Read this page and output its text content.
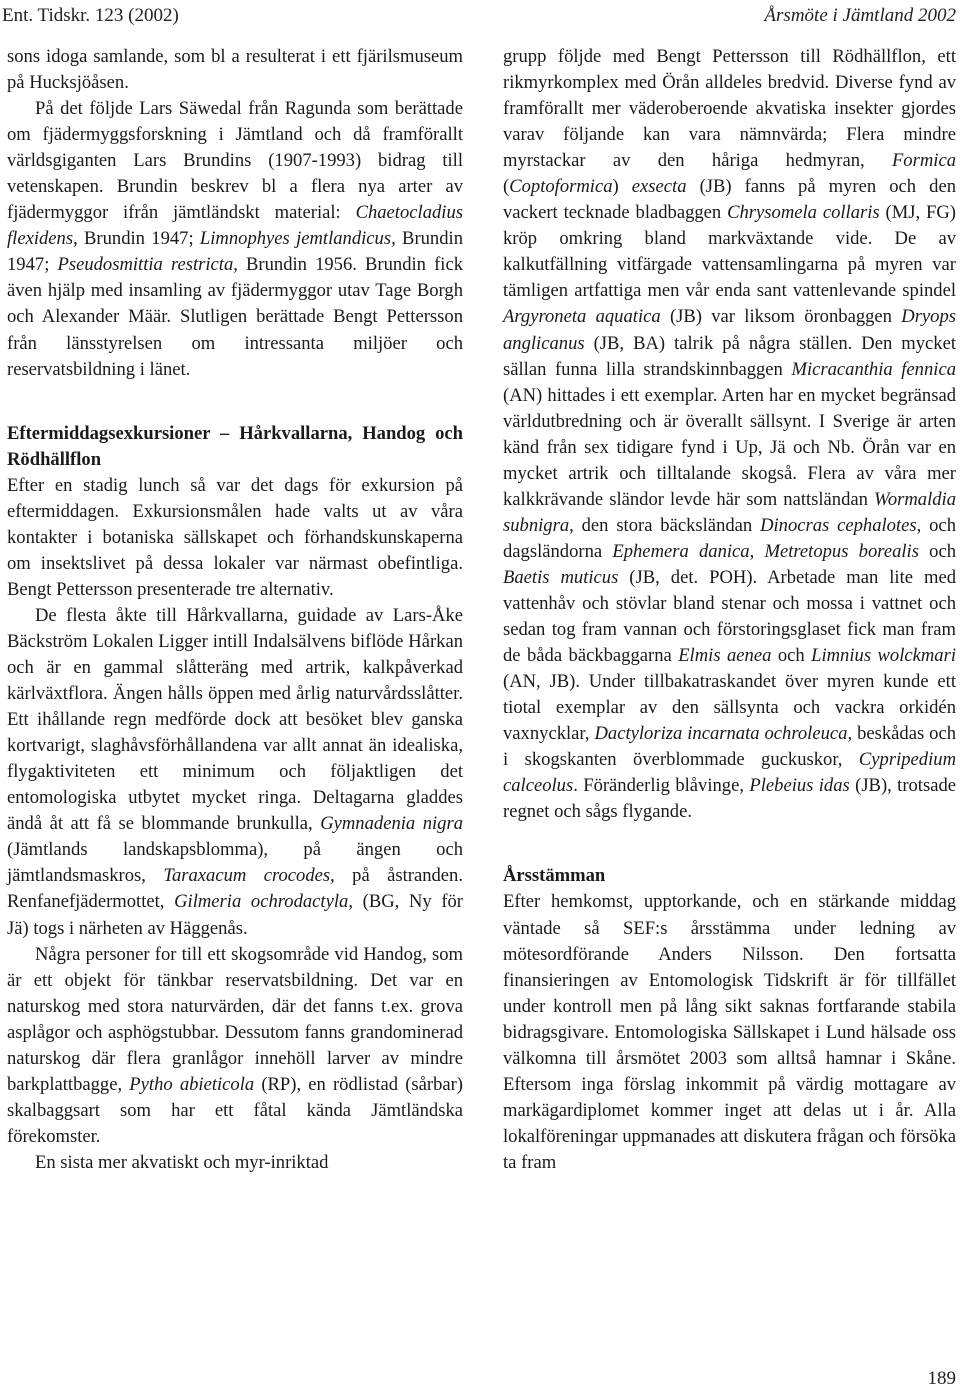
Ent. Tidskr. 123 (2002)	Årsmöte i Jämtland 2002

sons idoga samlande, som bl a resulterat i ett fjärilsmuseum på Hucksjöåsen.

På det följde Lars Säwedal från Ragunda som berättade om fjädermyggsforskning i Jämtland och då framförallt världsgiganten Lars Brundins (1907-1993) bidrag till vetenskapen. Brundin beskrev bl a flera nya arter av fjädermyggor ifrån jämtländskt material: Chaetocladius flexidens, Brundin 1947; Limnophyes jemtlandicus, Brundin 1947; Pseudosmittia restricta, Brundin 1956. Brundin fick även hjälp med insamling av fjädermyggor utav Tage Borgh och Alexander Määr. Slutligen berättade Bengt Pettersson från länsstyrelsen om intressanta miljöer och reservatsbildning i länet.

Eftermiddagsexkursioner – Hårkvallarna, Handog och Rödhällflon

Efter en stadig lunch så var det dags för exkursion på eftermiddagen. Exkursionsmålen hade valts ut av våra kontakter i botaniska sällskapet och förhandskunskaperna om insektslivet på dessa lokaler var närmast obefintliga. Bengt Pettersson presenterade tre alternativ.

De flesta åkte till Hårkvallarna, guidade av Lars-Åke Bäckström Lokalen Ligger intill Indalsälvens biflöde Hårkan och är en gammal slåtteräng med artrik, kalkpåverkad kärlväxtflora. Ängen hålls öppen med årlig naturvårdsslåtter. Ett ihållande regn medförde dock att besöket blev ganska kortvarigt, slaghåvsförhållandena var allt annat än idealiska, flygaktiviteten ett minimum och följaktligen det entomologiska utbytet mycket ringa. Deltagarna gladdes ändå åt att få se blommande brunkulla, Gymnadenia nigra (Jämtlands landskapsblomma), på ängen och jämtlandsmaskros, Taraxacum crocodes, på åstranden. Renfanefjädermottet, Gilmeria ochrodactyla, (BG, Ny för Jä) togs i närheten av Häggenås.

Några personer for till ett skogsområde vid Handog, som är ett objekt för tänkbar reservatsbildning. Det var en naturskog med stora naturvärden, där det fanns t.ex. grova asplågor och asphögstubbar. Dessutom fanns grandominerad naturskog där flera granlågor innehöll larver av mindre barkplattbagge, Pytho abieticola (RP), en rödlistad (sårbar) skalbaggsart som har ett fåtal kända Jämtländska förekomster.

En sista mer akvatiskt och myr-inriktad

grupp följde med Bengt Pettersson till Rödhällflon, ett rikmyrkomplex med Örån alldeles bredvid. Diverse fynd av framförallt mer väderoberoende akvatiska insekter gjordes varav följande kan vara nämnvärda; Flera mindre myrstackar av den håriga hedmyran, Formica (Coptoformica) exsecta (JB) fanns på myren och den vackert tecknade bladbaggen Chrysomela collaris (MJ, FG) kröp omkring bland markväxtande vide. De av kalkutfällning vitfärgade vattensamlingarna på myren var tämligen artfattiga men vår enda sant vattenlevande spindel Argyroneta aquatica (JB) var liksom öronbaggen Dryops anglicanus (JB, BA) talrik på några ställen. Den mycket sällan funna lilla strandskinnbaggen Micracanthia fennica (AN) hittades i ett exemplar. Arten har en mycket begränsad världutbredning och är överallt sällsynt. I Sverige är arten känd från sex tidigare fynd i Up, Jä och Nb. Örån var en mycket artrik och tilltalande skogså. Flera av våra mer kalkkrävande sländor levde här som nattsländan Wormaldia subnigra, den stora bäcksländan Dinocras cephalotes, och dagsländorna Ephemera danica, Metretopus borealis och Baetis muticus (JB, det. POH). Arbetade man lite med vattenhåv och stövlar bland stenar och mossa i vattnet och sedan tog fram vannan och förstoringsglaset fick man fram de båda bäckbaggarna Elmis aenea och Limnius wolckmari (AN, JB). Under tillbakatraskandet över myren kunde ett tiotal exemplar av den sällsynta och vackra orkidén vaxnycklar, Dactyloriza incarnata ochroleuca, beskådas och i skogskanten överblommade guckuskor, Cypripedium calceolus. Föränderlig blåvinge, Plebeius idas (JB), trotsade regnet och sågs flygande.

Årsstämman

Efter hemkomst, upptorkande, och en stärkande middag väntade så SEF:s årsstämma under ledning av mötesordförande Anders Nilsson. Den fortsatta finansieringen av Entomologisk Tidskrift är för tillfället under kontroll men på lång sikt saknas fortfarande stabila bidragsgivare. Entomologiska Sällskapet i Lund hälsade oss välkomna till årsmötet 2003 som alltså hamnar i Skåne. Eftersom inga förslag inkommit på värdig mottagare av markägardiplomet kommer inget att delas ut i år. Alla lokalföreningar uppmanades att diskutera frågan och försöka ta fram

189
